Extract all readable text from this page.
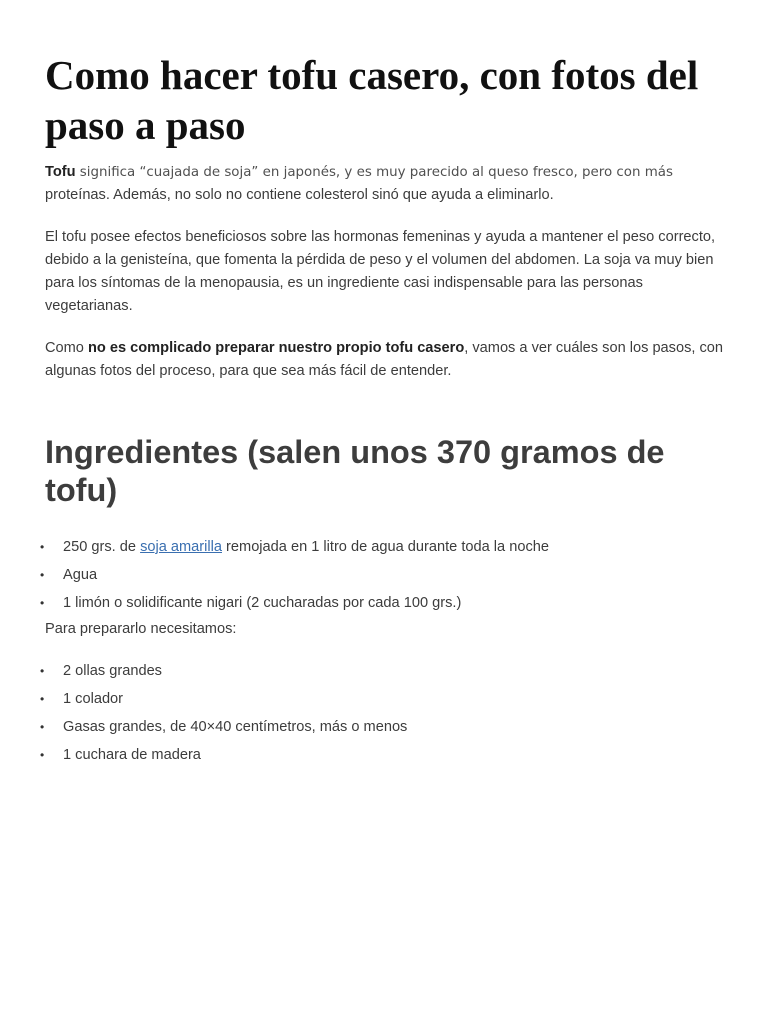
Como hacer tofu casero, con fotos del paso a paso

Tofu significa “cuajada de soja” en japonés, y es muy parecido al queso fresco, pero con más
proteínas. Además, no solo no contiene colesterol sinó que ayuda a eliminarlo.

El tofu posee efectos beneficiosos sobre las hormonas femeninas y ayuda a mantener el peso correcto, debido a la genisteína, que fomenta la pérdida de peso y el volumen del abdomen. La soja va muy bien para los síntomas de la menopausia, es un ingrediente casi indispensable para las personas vegetarianas.

Como no es complicado preparar nuestro propio tofu casero, vamos a ver cuáles son los pasos, con algunas fotos del proceso, para que sea más fácil de entender.

Ingredientes (salen unos 370 gramos de tofu)
• 250 grs. de soja amarilla remojada en 1 litro de agua durante toda la noche
• Agua
• 1 limón o solidificante nigari (2 cucharadas por cada 100 grs.)

Para prepararlo necesitamos:

• 2 ollas grandes
• 1 colador
• Gasas grandes, de 40×40 centímetros, más o menos
• 1 cuchara de madera
